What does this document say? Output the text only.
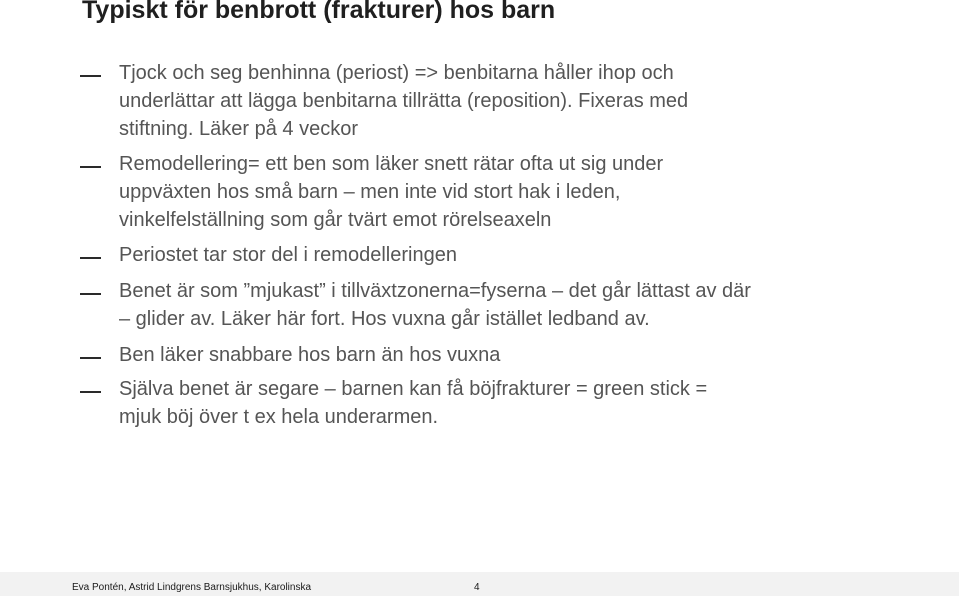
Typiskt för benbrott (frakturer) hos barn
Tjock och seg benhinna (periost) => benbitarna håller ihop och
underlättar att lägga benbitarna tillrätta (reposition). Fixeras med
stiftning. Läker på 4 veckor
Remodellering= ett ben som läker snett rätar ofta ut sig under
uppväxten hos små barn – men inte vid stort hak i leden,
vinkelfelställning som går tvärt emot rörelseaxeln
Periostet tar stor del i remodelleringen
Benet är som ”mjukast” i tillväxtzonerna=fyserna – det går lättast av där
– glider av. Läker här fort. Hos vuxna går istället ledband av.
Ben läker snabbare hos barn än hos vuxna
Själva benet är segare – barnen kan få böjfrakturer = green stick =
mjuk böj över t ex hela underarmen.
Eva Pontén, Astrid Lindgrens Barnsjukhus, Karolinska	4
